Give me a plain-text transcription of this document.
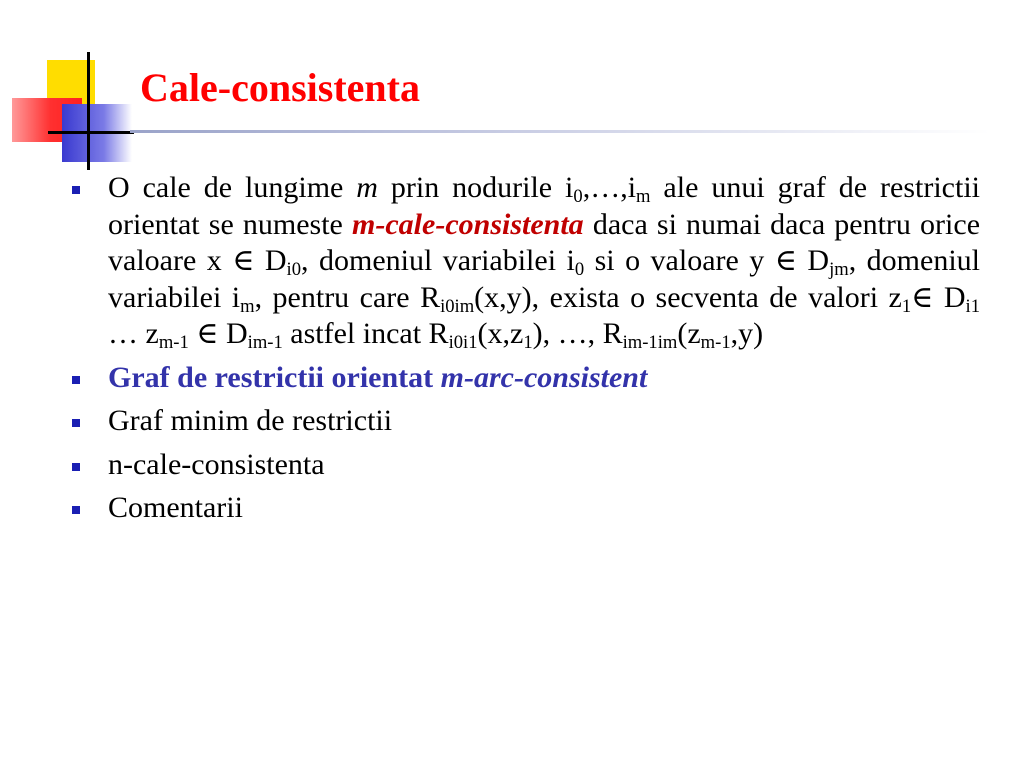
Cale-consistenta
O cale de lungime m prin nodurile $i_0,\dots,i_m$ ale unui graf de restrictii orientat se numeste m-cale-consistenta daca si numai daca pentru orice valoare x ∈ $D_{i0}$, domeniul variabilei $i_0$ si o valoare y ∈ $D_{jm}$, domeniul variabilei $i_m$, pentru care $R_{i0im}(x,y)$, exista o secventa de valori $z_1\in$ $D_{i1}$ … $z_{m-1}$ ∈ $D_{im-1}$ astfel incat $R_{i0i1}(x,z_1)$, …, $R_{im-1im}(z_{m-1},y)$
Graf de restrictii orientat m-arc-consistent
Graf minim de restrictii
n-cale-consistenta
Comentarii
